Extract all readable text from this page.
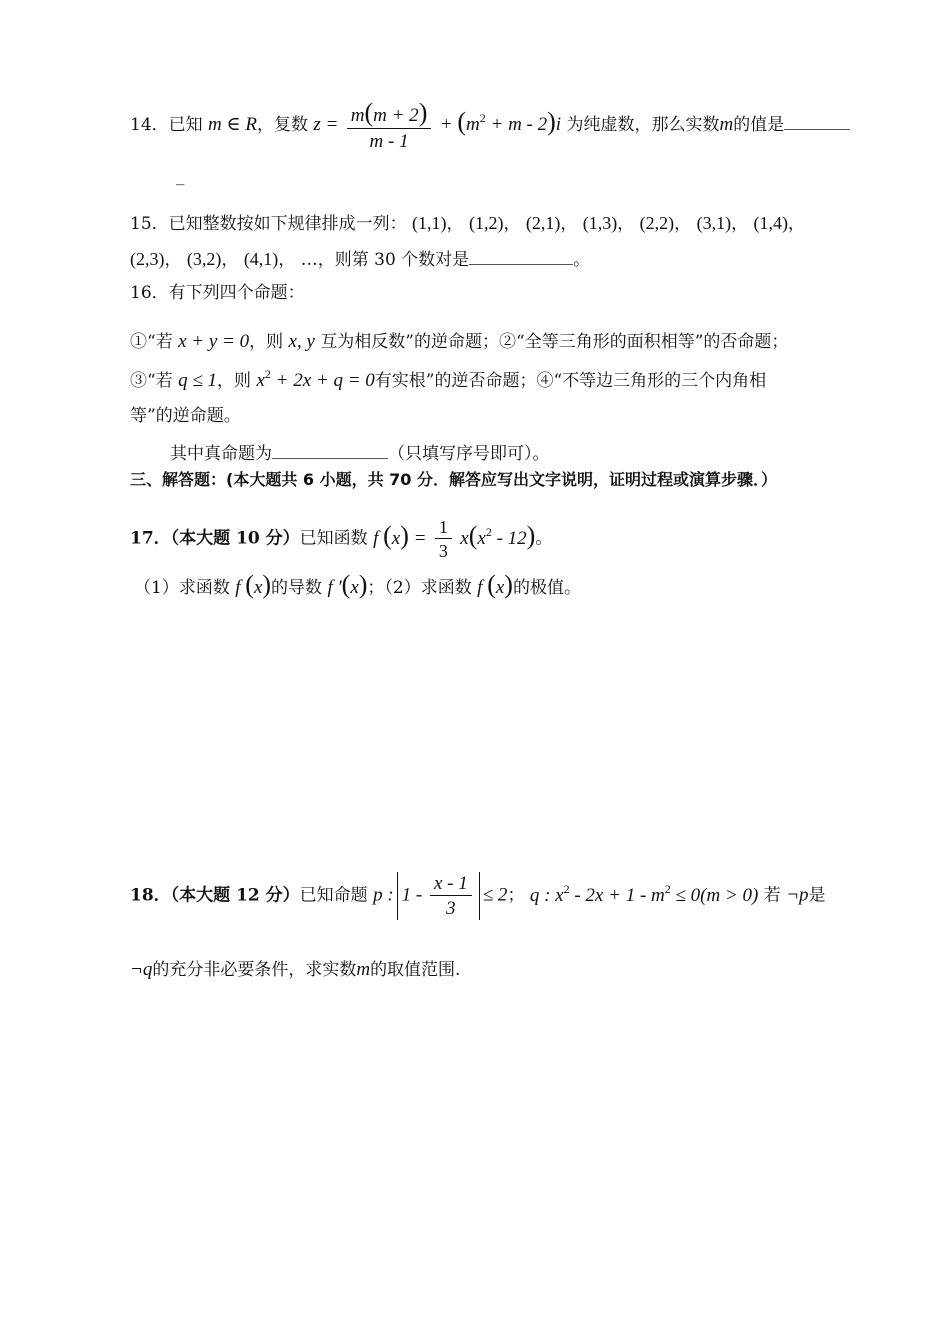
14．已知 m ∈ R，复数 $z = \frac{m(m + 2)}{m - 1} + (m^2 + m - 2)i$ 为纯虚数，那么实数m的值是
_
15．已知整数按如下规律排成一列： (1,1)， (1,2)， (2,1)， (1,3)， (2,2)， (3,1)， (1,4)，
(2,3)， (3,2)， (4,1)， …，则第 30 个数对是	。
16．有下列四个命题：
①“若 x + y = 0，则 x, y 互为相反数”的逆命题；②“全等三角形的面积相等”的否命题；
③“若 q ≤ 1，则 $x^2 + 2x + q = 0$有实根”的逆否命题；④“不等边三角形的三个内角相
等”的逆命题。
其中真命题为	（只填写序号即可）。
三、解答题：(本大题共 6 小题，共 70 分．解答应写出文字说明，证明过程或演算步骤．）
17．（本大题 10 分）已知函数 f $(x) = \frac{1}{3} x(x^2 - 12)$。
（1）求函数 f (x)的导数 f ′(x)；（2）求函数 f (x)的极值。
18．（本大题 12 分）已知命题 p : $1 - \frac{x - 1}{3} \le 2$； q : $x^2 - 2x + 1 - m^2 \le 0(m > 0)$ 若 ¬p是
¬q的充分非必要条件，求实数m的取值范围.
